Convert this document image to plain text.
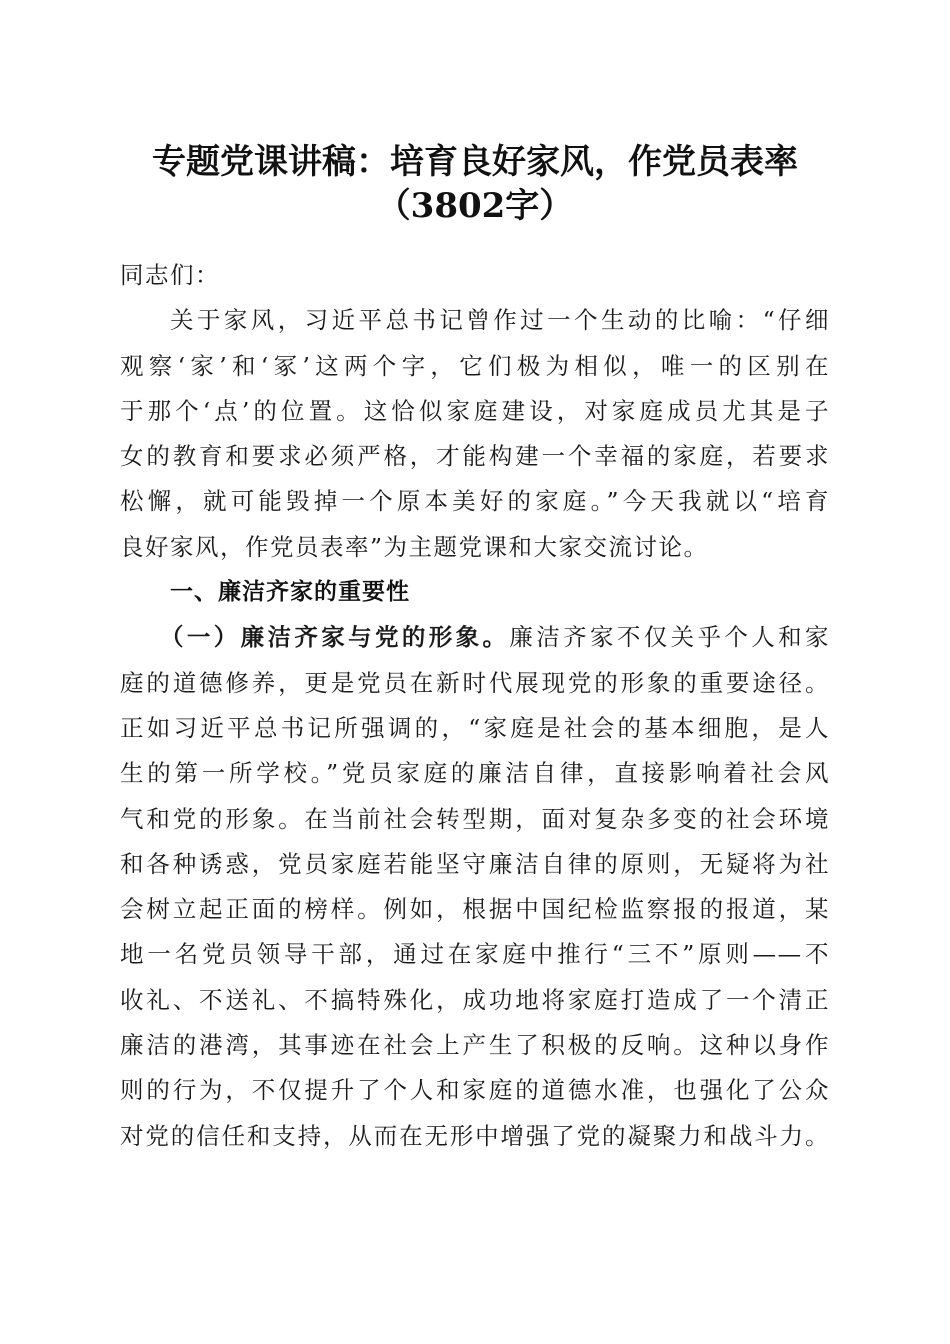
专题党课讲稿：培育良好家风，作党员表率
（3802字）
同志们：
关于家风，习近平总书记曾作过一个生动的比喻：“仔细
观察‘家’和‘冢’这两个字，它们极为相似，唯一的区别在
于那个‘点’的位置。这恰似家庭建设，对家庭成员尤其是子
女的教育和要求必须严格，才能构建一个幸福的家庭，若要求
松懈，就可能毁掉一个原本美好的家庭。”今天我就以“培育
良好家风，作党员表率”为主题党课和大家交流讨论。
一、廉洁齐家的重要性
（一）廉洁齐家与党的形象。廉洁齐家不仅关乎个人和家
庭的道德修养，更是党员在新时代展现党的形象的重要途径。
正如习近平总书记所强调的，“家庭是社会的基本细胞，是人
生的第一所学校。”党员家庭的廉洁自律，直接影响着社会风
气和党的形象。在当前社会转型期，面对复杂多变的社会环境
和各种诱惑，党员家庭若能坚守廉洁自律的原则，无疑将为社
会树立起正面的榜样。例如，根据中国纪检监察报的报道，某
地一名党员领导干部，通过在家庭中推行“三不”原则——不
收礼、不送礼、不搞特殊化，成功地将家庭打造成了一个清正
廉洁的港湾，其事迹在社会上产生了积极的反响。这种以身作
则的行为，不仅提升了个人和家庭的道德水准，也强化了公众
对党的信任和支持，从而在无形中增强了党的凝聚力和战斗力。
